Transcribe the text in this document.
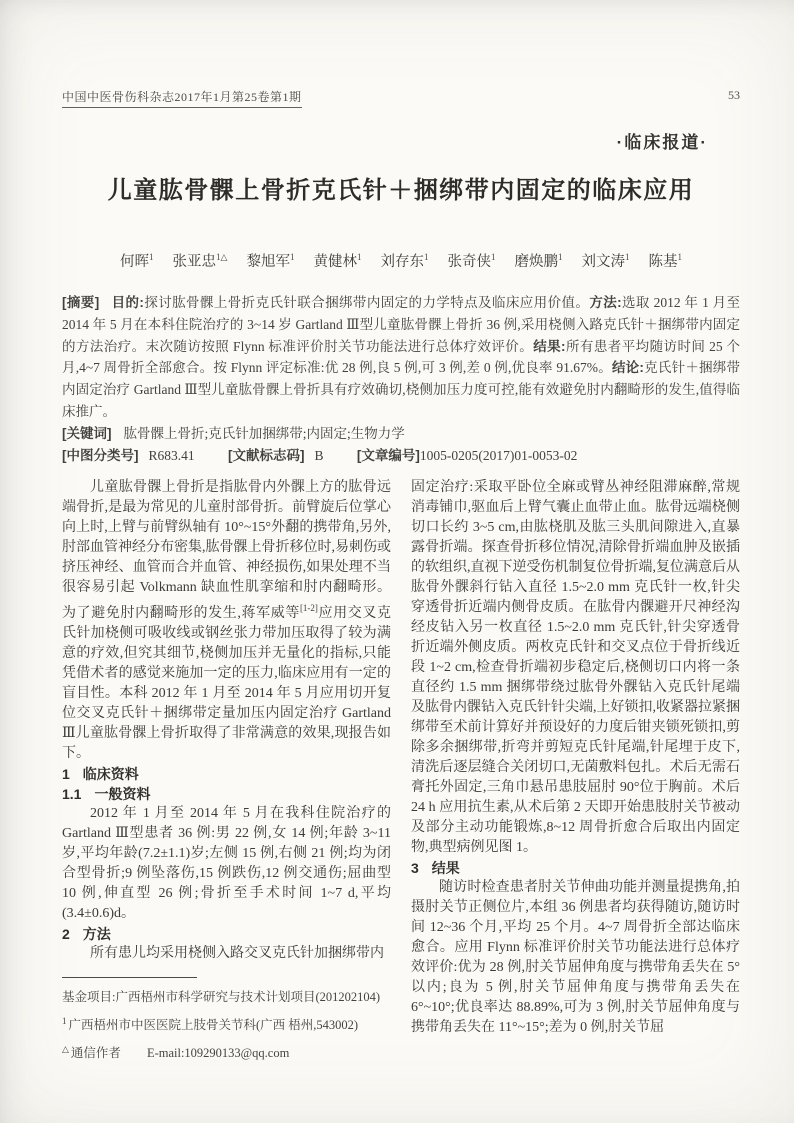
中国中医骨伤科杂志2017年1月第25卷第1期	53
·临床报道·
儿童肱骨髁上骨折克氏针＋捆绑带内固定的临床应用
何晖$^1$ 张亚忠$^{1\triangle}$ 黎旭军$^1$ 黄健林$^1$ 刘存东$^1$ 张奇侠$^1$ 磨焕鹏$^1$ 刘文涛$^1$ 陈基$^1$
[摘要] 目的:探讨肱骨髁上骨折克氏针联合捆绑带内固定的力学特点及临床应用价值。方法:选取 2012 年 1 月至 2014 年 5 月在本科住院治疗的 3~14 岁 Gartland Ⅲ型儿童肱骨髁上骨折 36 例,采用桡侧入路克氏针＋捆绑带内固定的方法治疗。末次随访按照 Flynn 标准评价肘关节功能法进行总体疗效评价。结果:所有患者平均随访时间 25 个月,4~7 周骨折全部愈合。按 Flynn 评定标准:优 28 例,良 5 例,可 3 例,差 0 例,优良率 91.67%。结论:克氏针＋捆绑带内固定治疗 Gartland Ⅲ型儿童肱骨髁上骨折具有疗效确切,桡侧加压力度可控,能有效避免肘内翻畸形的发生,值得临床推广。
[关键词] 肱骨髁上骨折;克氏针加捆绑带;内固定;生物力学
[中图分类号] R683.41 [文献标志码] B [文章编号]1005-0205(2017)01-0053-02

儿童肱骨髁上骨折是指肱骨内外髁上方的肱骨远端骨折,是最为常见的儿童肘部骨折。前臂旋后位掌心向上时,上臂与前臂纵轴有 10°~15°外翻的携带角,另外,肘部血管神经分布密集,肱骨髁上骨折移位时,易刺伤或挤压神经、血管而合并血管、神经损伤,如果处理不当很容易引起 Volkmann 缺血性肌挛缩和肘内翻畸形。为了避免肘内翻畸形的发生,蒋军威等[1-2]应用交叉克氏针加桡侧可吸收线或钢丝张力带加压取得了较为满意的疗效,但究其细节,桡侧加压并无量化的指标,只能凭借术者的感觉来施加一定的压力,临床应用有一定的盲目性。本科 2012 年 1 月至 2014 年 5 月应用切开复位交叉克氏针＋捆绑带定量加压内固定治疗 Gartland Ⅲ儿童肱骨髁上骨折取得了非常满意的效果,现报告如下。

1 临床资料
1.1 一般资料

2012 年 1 月至 2014 年 5 月在我科住院治疗的 Gartland Ⅲ型患者 36 例:男 22 例,女 14 例;年龄 3~11 岁,平均年龄(7.2±1.1)岁;左侧 15 例,右侧 21 例;均为闭合型骨折;9 例坠落伤,15 例跌伤,12 例交通伤;屈曲型 10 例,伸直型 26 例;骨折至手术时间 1~7 d,平均(3.4±0.6)d。

2 方法

所有患儿均采用桡侧入路交叉克氏针加捆绑带内

基金项目:广西梧州市科学研究与技术计划项目(201202104)
$^1$ 广西梧州市中医医院上肢骨关节科(广西 梧州,543002)
△ 通信作者 E-mail:109290133@qq.com

固定治疗:采取平卧位全麻或臂丛神经阻滞麻醉,常规消毒铺巾,驱血后上臂气囊止血带止血。肱骨远端桡侧切口长约 3~5 cm,由肱桡肌及肱三头肌间隙进入,直暴露骨折端。探查骨折移位情况,清除骨折端血肿及嵌插的软组织,直视下逆受伤机制复位骨折端,复位满意后从肱骨外髁斜行钻入直径 1.5~2.0 mm 克氏针一枚,针尖穿透骨折近端内侧骨皮质。在肱骨内髁避开尺神经沟经皮钻入另一枚直径 1.5~2.0 mm 克氏针,针尖穿透骨折近端外侧皮质。两枚克氏针和交叉点位于骨折线近段 1~2 cm,检查骨折端初步稳定后,桡侧切口内将一条直径约 1.5 mm 捆绑带绕过肱骨外髁钻入克氏针尾端及肱骨内髁钻入克氏针针尖端,上好锁扣,收紧器拉紧捆绑带至术前计算好并预设好的力度后钳夹锁死锁扣,剪除多余捆绑带,折弯并剪短克氏针尾端,针尾埋于皮下,清洗后逐层缝合关闭切口,无菌敷料包扎。术后无需石膏托外固定,三角巾悬吊患肢屈肘 90°位于胸前。术后 24 h 应用抗生素,从术后第 2 天即开始患肢肘关节被动及部分主动功能锻炼,8~12 周骨折愈合后取出内固定物,典型病例见图 1。

3 结果

随访时检查患者肘关节伸曲功能并测量提携角,拍摄肘关节正侧位片,本组 36 例患者均获得随访,随访时间 12~36 个月,平均 25 个月。4~7 周骨折全部达临床愈合。应用 Flynn 标准评价肘关节功能法进行总体疗效评价:优为 28 例,肘关节屈伸角度与携带角丢失在 5°以内;良为 5 例,肘关节屈伸角度与携带角丢失在 6°~10°;优良率达 88.89%,可为 3 例,肘关节屈伸角度与携带角丢失在 11°~15°;差为 0 例,肘关节屈
